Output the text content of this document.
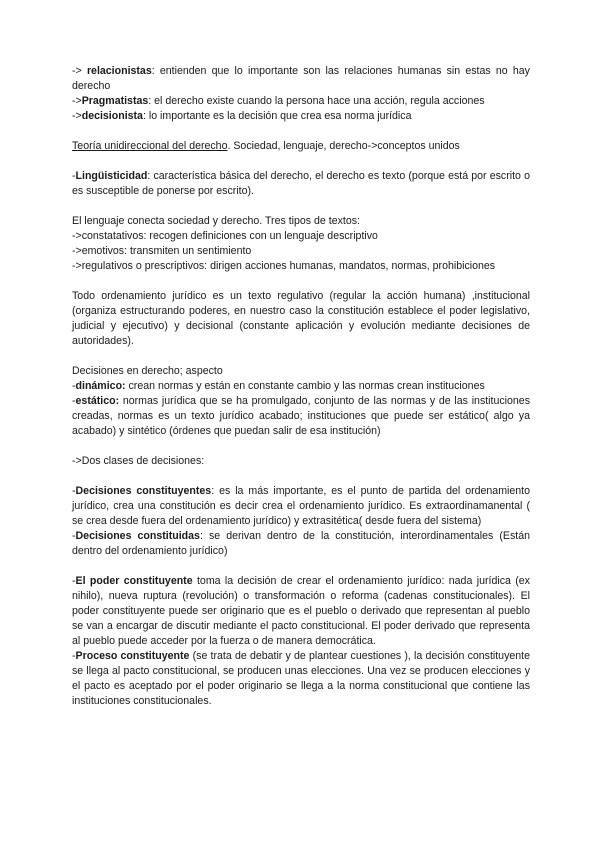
-> relacionistas: entienden que lo importante son las relaciones humanas sin estas no hay derecho

->Pragmatistas: el derecho existe cuando la persona hace una acción, regula acciones

->decisionista: lo importante es la decisión que crea esa norma jurídica

Teoría unidireccional del derecho. Sociedad, lenguaje, derecho->conceptos unidos

-Lingüisticidad: característica básica del derecho, el derecho es texto (porque está por escrito o es susceptible de ponerse por escrito).

El lenguaje conecta sociedad y derecho. Tres tipos de textos:

->constatativos: recogen definiciones con un lenguaje descriptivo

->emotivos: transmiten un sentimiento

->regulativos o prescriptivos: dirigen acciones humanas, mandatos, normas, prohibiciones

Todo ordenamiento jurídico es un texto regulativo (regular la acción humana) ,institucional (organiza estructurando poderes, en nuestro caso la constitución establece el poder legislativo, judicial y ejecutivo) y decisional (constante aplicación y evolución mediante decisiones de autoridades).

Decisiones en derecho; aspecto

-dinámico: crean normas y están en constante cambio y las normas crean instituciones

-estático: normas jurídica que se ha promulgado, conjunto de las normas y de las instituciones creadas, normas es un texto jurídico acabado; instituciones que puede ser estático( algo ya acabado) y sintético (órdenes que puedan salir de esa institución)

->Dos clases de decisiones:

-Decisiones constituyentes: es la más importante, es el punto de partida del ordenamiento jurídico, crea una constitución es decir crea el ordenamiento jurídico. Es extraordinamanental ( se crea desde fuera del ordenamiento jurídico) y extrasitética( desde fuera del sistema)

-Decisiones constituidas: se derivan dentro de la constitución, interordinamentales (Están dentro del ordenamiento jurídico)

-El poder constituyente toma la decisión de crear el ordenamiento jurídico: nada jurídica (ex nihilo), nueva ruptura (revolución) o transformación o reforma (cadenas constitucionales). El poder constituyente puede ser originario que es el pueblo o derivado que representan al pueblo se van a encargar de discutir mediante el pacto constitucional. El poder derivado que representa al pueblo puede acceder por la fuerza o de manera democrática.

-Proceso constituyente (se trata de debatir y de plantear cuestiones ), la decisión constituyente se llega al pacto constitucional, se producen unas elecciones. Una vez se producen elecciones y el pacto es aceptado por el poder originario se llega a la norma constitucional que contiene las instituciones constitucionales.
